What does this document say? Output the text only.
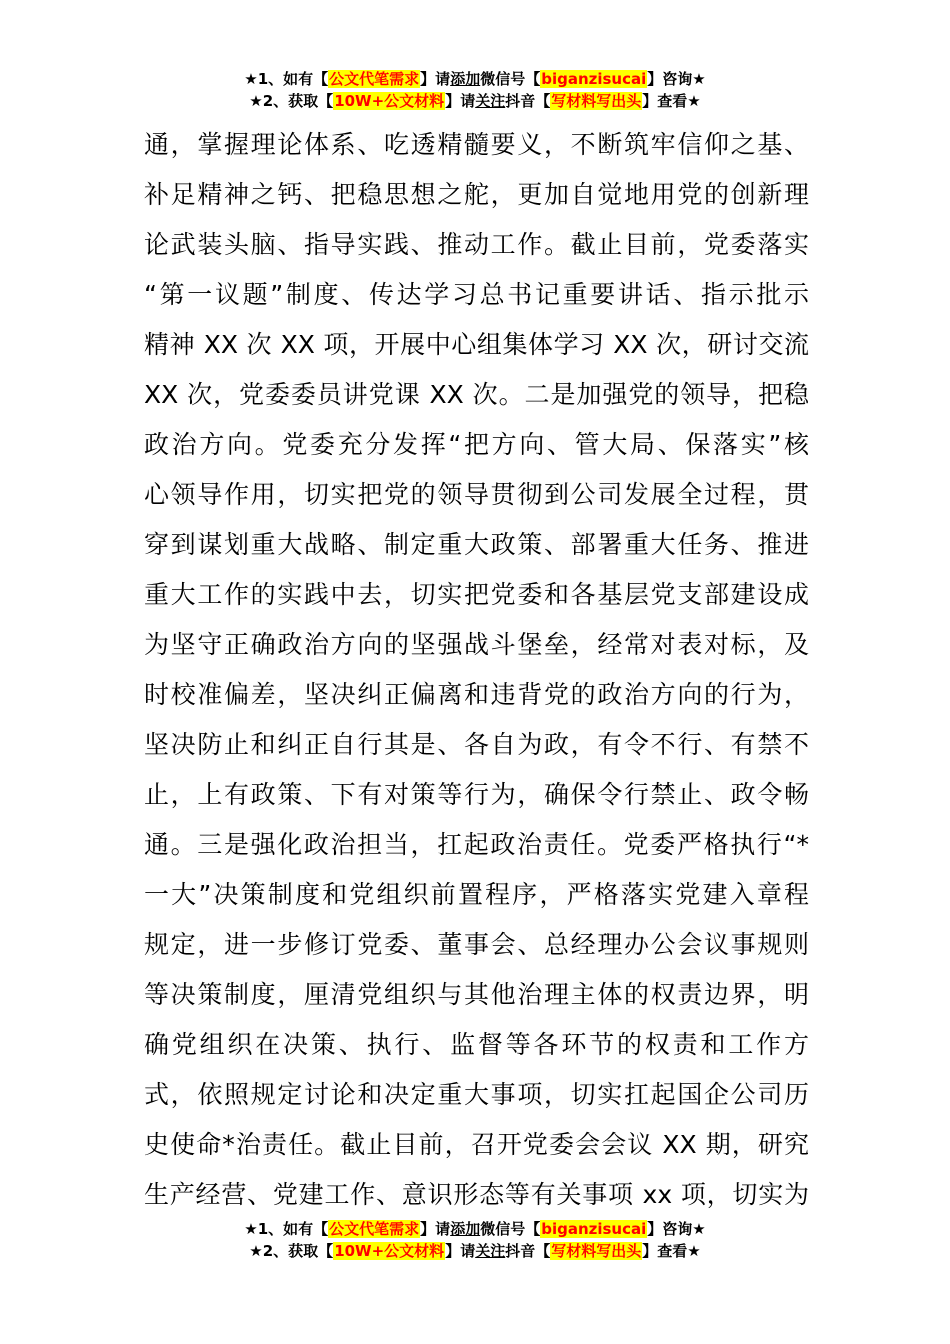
★1、如有【公文代笔需求】请添加微信号【biganzisucai】咨询★
★2、获取【10W+公文材料】请关注抖音【写材料写出头】查看★
通，掌握理论体系、吃透精髓要义，不断筑牢信仰之基、
补足精神之钙、把稳思想之舵，更加自觉地用党的创新理
论武装头脑、指导实践、推动工作。截止目前，党委落实
“第一议题”制度、传达学习总书记重要讲话、指示批示
精神 XX 次 XX 项，开展中心组集体学习 XX 次，研讨交流
XX 次，党委委员讲党课 XX 次。二是加强党的领导，把稳
政治方向。党委充分发挥“把方向、管大局、保落实”核
心领导作用，切实把党的领导贯彻到公司发展全过程，贯
穿到谋划重大战略、制定重大政策、部署重大任务、推进
重大工作的实践中去，切实把党委和各基层党支部建设成
为坚守正确政治方向的坚强战斗堡垒，经常对表对标，及
时校准偏差，坚决纠正偏离和违背党的政治方向的行为，
坚决防止和纠正自行其是、各自为政，有令不行、有禁不
止，上有政策、下有对策等行为，确保令行禁止、政令畅
通。三是强化政治担当，扛起政治责任。党委严格执行“*
一大”决策制度和党组织前置程序，严格落实党建入章程
规定，进一步修订党委、董事会、总经理办公会议事规则
等决策制度，厘清党组织与其他治理主体的权责边界，明
确党组织在决策、执行、监督等各环节的权责和工作方
式，依照规定讨论和决定重大事项，切实扛起国企公司历
史使命*治责任。截止目前，召开党委会会议 XX 期，研究
生产经营、党建工作、意识形态等有关事项 xx 项，切实为
★1、如有【公文代笔需求】请添加微信号【biganzisucai】咨询★
★2、获取【10W+公文材料】请关注抖音【写材料写出头】查看★
